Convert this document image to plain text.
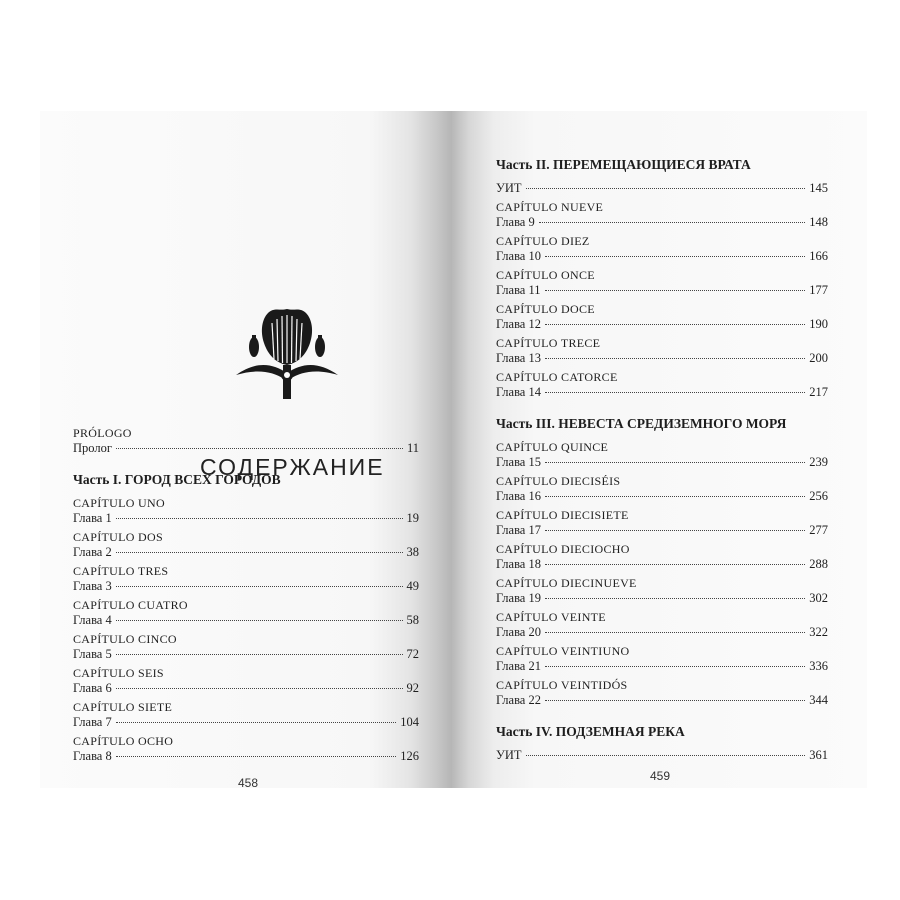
СОДЕРЖАНИЕ
PRÓLOGO
Пролог	11
Часть I. ГОРОД ВСЕХ ГОРОДОВ
CAPÍTULO UNO
Глава 1	19
CAPÍTULO DOS
Глава 2	38
CAPÍTULO TRES
Глава 3	49
CAPÍTULO CUATRO
Глава 4	58
CAPÍTULO CINCO
Глава 5	72
CAPÍTULO SEIS
Глава 6	92
CAPÍTULO SIETE
Глава 7	104
CAPÍTULO OCHO
Глава 8	126
458
Часть II. ПЕРЕМЕЩАЮЩИЕСЯ ВРАТА
УИТ	145
CAPÍTULO NUEVE
Глава 9	148
CAPÍTULO DIEZ
Глава 10	166
CAPÍTULO ONCE
Глава 11	177
CAPÍTULO DOCE
Глава 12	190
CAPÍTULO TRECE
Глава 13	200
CAPÍTULO CATORCE
Глава 14	217
Часть III. НЕВЕСТА СРЕДИЗЕМНОГО МОРЯ
CAPÍTULO QUINCE
Глава 15	239
CAPÍTULO DIECISÉIS
Глава 16	256
CAPÍTULO DIECISIETE
Глава 17	277
CAPÍTULO DIECIOCHO
Глава 18	288
CAPÍTULO DIECINUEVE
Глава 19	302
CAPÍTULO VEINTE
Глава 20	322
CAPÍTULO VEINTIUNO
Глава 21	336
CAPÍTULO VEINTIDÓS
Глава 22	344
Часть IV. ПОДЗЕМНАЯ РЕКА
УИТ	361
459
